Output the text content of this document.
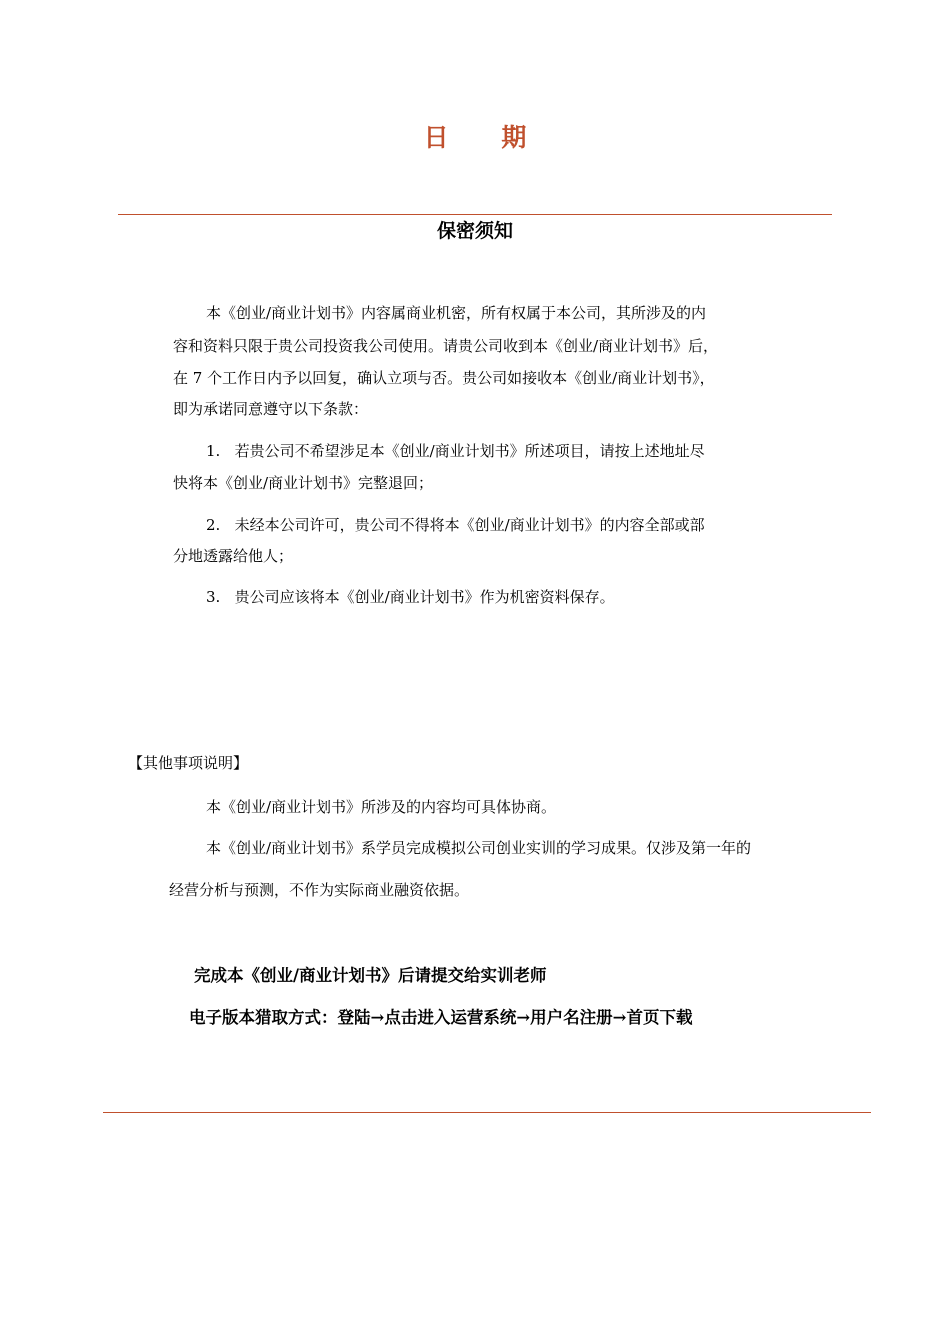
日 期
保密须知
本《创业/商业计划书》内容属商业机密，所有权属于本公司，其所涉及的内
容和资料只限于贵公司投资我公司使用。请贵公司收到本《创业/商业计划书》后，
在 7 个工作日内予以回复，确认立项与否。贵公司如接收本《创业/商业计划书》，
即为承诺同意遵守以下条款：
1.   若贵公司不希望涉足本《创业/商业计划书》所述项目，请按上述地址尽
快将本《创业/商业计划书》完整退回；
2.   未经本公司许可，贵公司不得将本《创业/商业计划书》的内容全部或部
分地透露给他人；
3.   贵公司应该将本《创业/商业计划书》作为机密资料保存。
【其他事项说明】
本《创业/商业计划书》所涉及的内容均可具体协商。
本《创业/商业计划书》系学员完成模拟公司创业实训的学习成果。仅涉及第一年的
经营分析与预测，不作为实际商业融资依据。
完成本《创业/商业计划书》后请提交给实训老师
电子版本猎取方式：登陆→点击进入运营系统→用户名注册→首页下载
